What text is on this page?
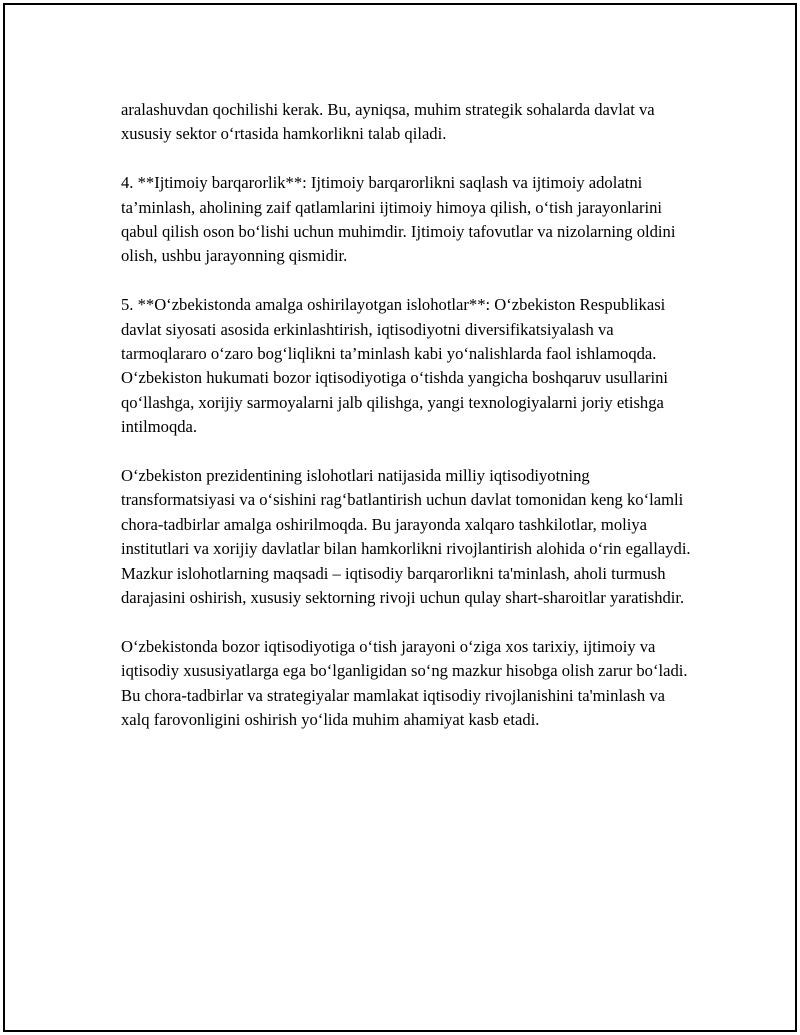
aralashuvdan qochilishi kerak. Bu, ayniqsa, muhim strategik sohalarda davlat va xususiy sektor o‘rtasida hamkorlikni talab qiladi.

4. **Ijtimoiy barqarorlik**: Ijtimoiy barqarorlikni saqlash va ijtimoiy adolatni ta’minlash, aholining zaif qatlamlarini ijtimoiy himoya qilish, o‘tish jarayonlarini qabul qilish oson bo‘lishi uchun muhimdir. Ijtimoiy tafovutlar va nizolarning oldini olish, ushbu jarayonning qismidir.

5. **O‘zbekistonda amalga oshirilayotgan islohotlar**: O‘zbekiston Respublikasi davlat siyosati asosida erkinlashtirish, iqtisodiyotni diversifikatsiyalash va tarmoqlararo o‘zaro bog‘liqlikni ta’minlash kabi yo‘nalishlarda faol ishlamoqda. O‘zbekiston hukumati bozor iqtisodiyotiga o‘tishda yangicha boshqaruv usullarini qo‘llashga, xorijiy sarmoyalarni jalb qilishga, yangi texnologiyalarni joriy etishga intilmoqda.

O‘zbekiston prezidentining islohotlari natijasida milliy iqtisodiyotning transformatsiyasi va o‘sishini rag‘batlantirish uchun davlat tomonidan keng ko‘lamli chora-tadbirlar amalga oshirilmoqda. Bu jarayonda xalqaro tashkilotlar, moliya institutlari va xorijiy davlatlar bilan hamkorlikni rivojlantirish alohida o‘rin egallaydi. Mazkur islohotlarning maqsadi – iqtisodiy barqarorlikni ta'minlash, aholi turmush darajasini oshirish, xususiy sektorning rivoji uchun qulay shart-sharoitlar yaratishdir.

O‘zbekistonda bozor iqtisodiyotiga o‘tish jarayoni o‘ziga xos tarixiy, ijtimoiy va iqtisodiy xususiyatlarga ega bo‘lganligidan so‘ng mazkur hisobga olish zarur bo‘ladi. Bu chora-tadbirlar va strategiyalar mamlakat iqtisodiy rivojlanishini ta'minlash va xalq farovonligini oshirish yo‘lida muhim ahamiyat kasb etadi.
